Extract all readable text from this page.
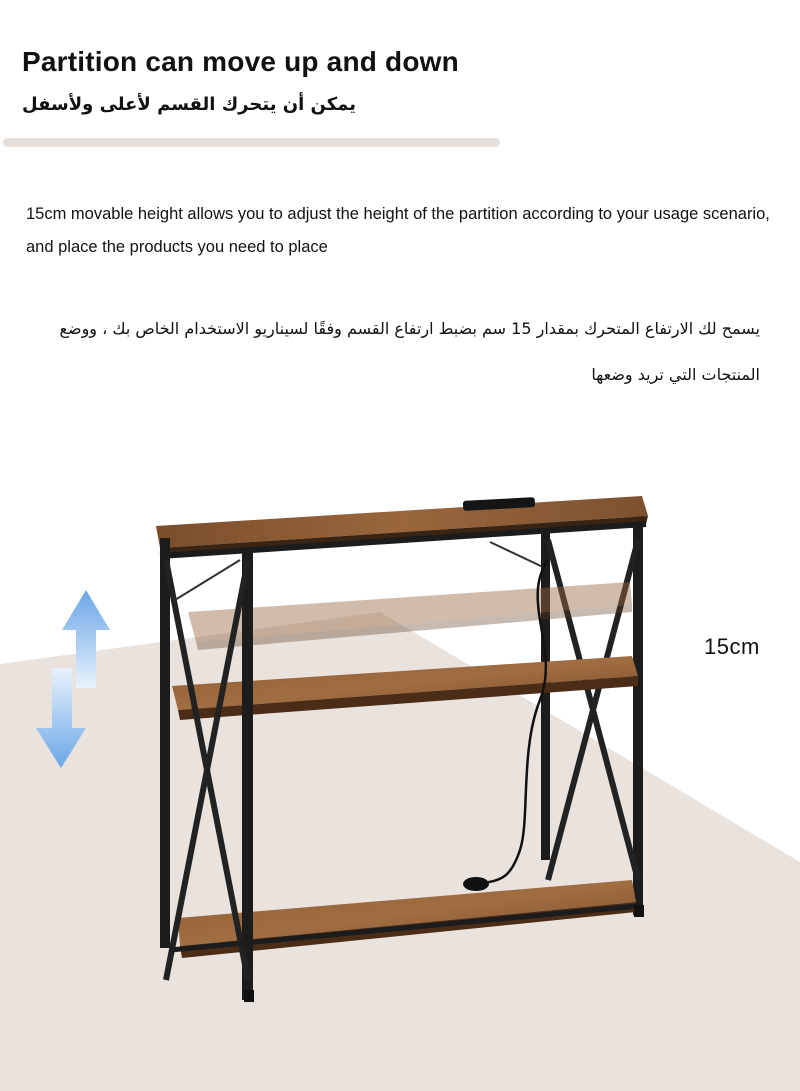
Partition can move up and down

يمكن أن يتحرك القسم لأعلى ولأسفل

15cm movable height allows you to adjust the height of the partition according to your usage scenario, and place the products you need to place

يسمح لك الارتفاع المتحرك بمقدار 15 سم بضبط ارتفاع القسم وفقًا لسيناريو الاستخدام الخاص بك ، ووضع المنتجات التي تريد وضعها

15cm
